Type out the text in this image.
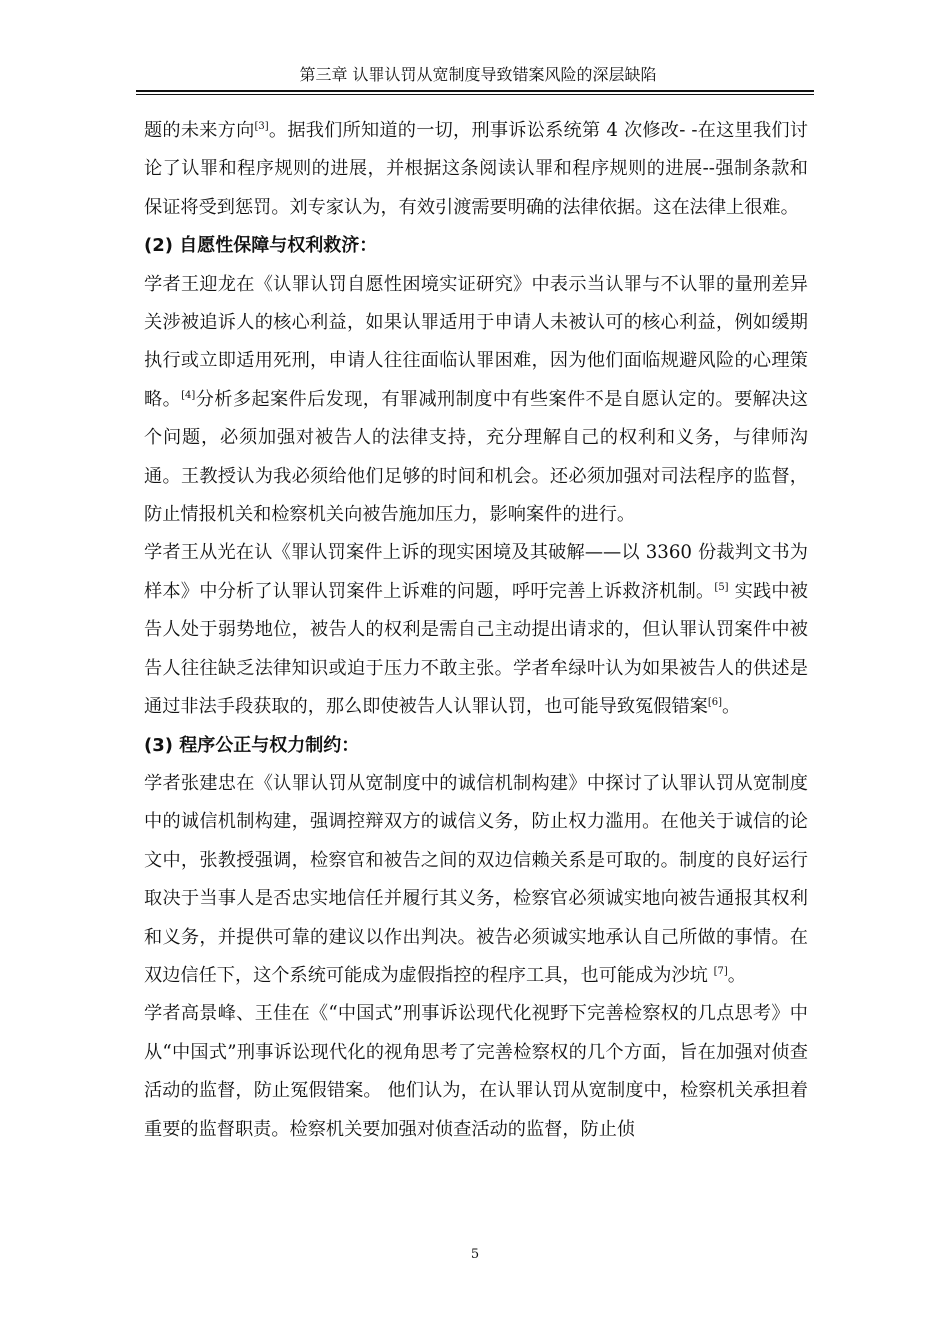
第三章 认罪认罚从宽制度导致错案风险的深层缺陷

题的未来方向[3]。据我们所知道的一切，刑事诉讼系统第 4 次修改- -在这里我们讨论了认罪和程序规则的进展，并根据这条阅读认罪和程序规则的进展--强制条款和保证将受到惩罚。刘专家认为，有效引渡需要明确的法律依据。这在法律上很难。

(2) 自愿性保障与权利救济：

学者王迎龙在《认罪认罚自愿性困境实证研究》中表示当认罪与不认罪的量刑差异关涉被追诉人的核心利益，如果认罪适用于申请人未被认可的核心利益，例如缓期执行或立即适用死刑，申请人往往面临认罪困难，因为他们面临规避风险的心理策略。[4]分析多起案件后发现，有罪减刑制度中有些案件不是自愿认定的。要解决这个问题，必须加强对被告人的法律支持，充分理解自己的权利和义务，与律师沟通。王教授认为我必须给他们足够的时间和机会。还必须加强对司法程序的监督，防止情报机关和检察机关向被告施加压力，影响案件的进行。

学者王从光在认《罪认罚案件上诉的现实困境及其破解——以 3360 份裁判文书为样本》中分析了认罪认罚案件上诉难的问题，呼吁完善上诉救济机制。[5] 实践中被告人处于弱势地位，被告人的权利是需自己主动提出请求的，但认罪认罚案件中被告人往往缺乏法律知识或迫于压力不敢主张。学者牟绿叶认为如果被告人的供述是通过非法手段获取的，那么即使被告人认罪认罚，也可能导致冤假错案[6]。

(3) 程序公正与权力制约：

学者张建忠在《认罪认罚从宽制度中的诚信机制构建》中探讨了认罪认罚从宽制度中的诚信机制构建，强调控辩双方的诚信义务，防止权力滥用。在他关于诚信的论文中，张教授强调，检察官和被告之间的双边信赖关系是可取的。制度的良好运行取决于当事人是否忠实地信任并履行其义务，检察官必须诚实地向被告通报其权利和义务，并提供可靠的建议以作出判决。被告必须诚实地承认自己所做的事情。在双边信任下，这个系统可能成为虚假指控的程序工具，也可能成为沙坑 [7]。

学者高景峰、王佳在《“中国式”刑事诉讼现代化视野下完善检察权的几点思考》中从“中国式”刑事诉讼现代化的视角思考了完善检察权的几个方面，旨在加强对侦查活动的监督，防止冤假错案。 他们认为，在认罪认罚从宽制度中，检察机关承担着重要的监督职责。检察机关要加强对侦查活动的监督，防止侦

5
